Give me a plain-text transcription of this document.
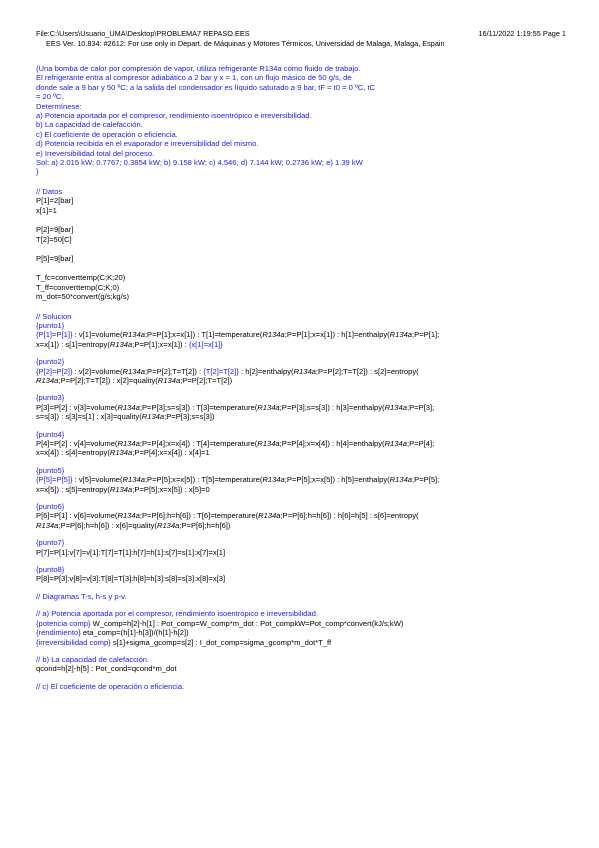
File:C:\Users\Usuario_UMA\Desktop\PROBLEMA7 REPASO.EES	16/11/2022 1:19:55 Page 1
EES Ver. 10.834: #2612: For use only in Depart. de Máquinas y Motores Térmicos, Universidad de Malaga, Malaga, Espain
{Una bomba de calor por compresión de vapor, utiliza refrigerante R134a como fluido de trabajo.
El refrigerante entra al compresor adiabático a 2 bar y x = 1, con un flujo másico de 50 g/s, de
donde sale a 9 bar y 50 ºC; a la salida del condensador es líquido saturado a 9 bar, tF = t0 = 0 ºC, tC
= 20 ºC.
Determínese:
a) Potencia aportada por el compresor, rendimiento isoentrópico e irreversibilidad.
b) La capacidad de calefacción.
c) El coeficiente de operación o eficiencia.
d) Potencia recibida en el evaporador e irreversibilidad del mismo.
e) Irreversibilidad total del proceso.
Sol: a) 2.015 kW; 0.7767; 0.3854 kW; b) 9.158 kW; c) 4.546; d) 7.144 kW; 0.2736 kW; e) 1.39 kW
}
// Datos
P[1]=2[bar]
x[1]=1
P[2]=9[bar]
T[2]=50[C]
P[5]=9[bar]
T_fc=converttemp(C;K;20)
T_ff=converttemp(C;K;0)
m_dot=50*convert(g/s;kg/s)
// Solucion
{punto1}
{P[1]=P[1]} : v[1]=volume(R134a;P=P[1];x=x[1]) : T[1]=temperature(R134a;P=P[1];x=x[1]) : h[1]=enthalpy(R134a;P=P[1];
x=x[1]) : s[1]=entropy(R134a;P=P[1];x=x[1]) : {x[1]=x[1]}
{punto2}
{P[2]=P[2]} : v[2]=volume(R134a;P=P[2];T=T[2]) : {T[2]=T[2]} : h[2]=enthalpy(R134a;P=P[2];T=T[2]) : s[2]=entropy(
R134a;P=P[2];T=T[2]) : x[2]=quality(R134a;P=P[2];T=T[2])
{punto3}
P[3]=P[2] : v[3]=volume(R134a;P=P[3];s=s[3]) : T[3]=temperature(R134a;P=P[3];s=s[3]) : h[3]=enthalpy(R134a;P=P[3];
s=s[3]) : s[3]=s[1] : x[3]=quality(R134a;P=P[3];s=s[3])
{punto4}
P[4]=P[2] : v[4]=volume(R134a;P=P[4];x=x[4]) : T[4]=temperature(R134a;P=P[4];x=x[4]) : h[4]=enthalpy(R134a;P=P[4];
x=x[4]) : s[4]=entropy(R134a;P=P[4];x=x[4]) : x[4]=1
{punto5}
{P[5]=P[5]} : v[5]=volume(R134a;P=P[5];x=x[5]) : T[5]=temperature(R134a;P=P[5];x=x[5]) : h[5]=enthalpy(R134a;P=P[5];
x=x[5]) : s[5]=entropy(R134a;P=P[5];x=x[5]) : x[5]=0
{punto6}
P[6]=P[1] : v[6]=volume(R134a;P=P[6];h=h[6]) : T[6]=temperature(R134a;P=P[6];h=h[6]) : h[6]=h[5] : s[6]=entropy(
R134a;P=P[6];h=h[6]) : x[6]=quality(R134a;P=P[6];h=h[6])
{punto7}
P[7]=P[1]:v[7]=v[1]:T[7]=T[1]:h[7]=h[1]:s[7]=s[1]:x[7]=x[1]
{punto8}
P[8]=P[3]:v[8]=v[3]:T[8]=T[3]:h[8]=h[3]:s[8]=s[3]:x[8]=x[3]
// Diagramas T-s, h-s y p-v.
// a) Potencia aportada por el compresor, rendimiento isoentrópico e irreversibilidad.
{potencia comp} W_comp=h[2]-h[1] : Pot_comp=W_comp*m_dot : Pot_compkW=Pot_comp*convert(kJ/s;kW)
{rendimiento} eta_comp=(h[1]-h[3])/(h[1]-h[2])
{irreversibilidad comp} s[1]+sigma_gcomp=s[2] : I_dot_comp=sigma_gcomp*m_dot*T_ff
// b) La capacidad de calefacción.
qcond=h[2]-h[5] : Pot_cond=qcond*m_dot
// c) El coeficiente de operación o eficiencia.
